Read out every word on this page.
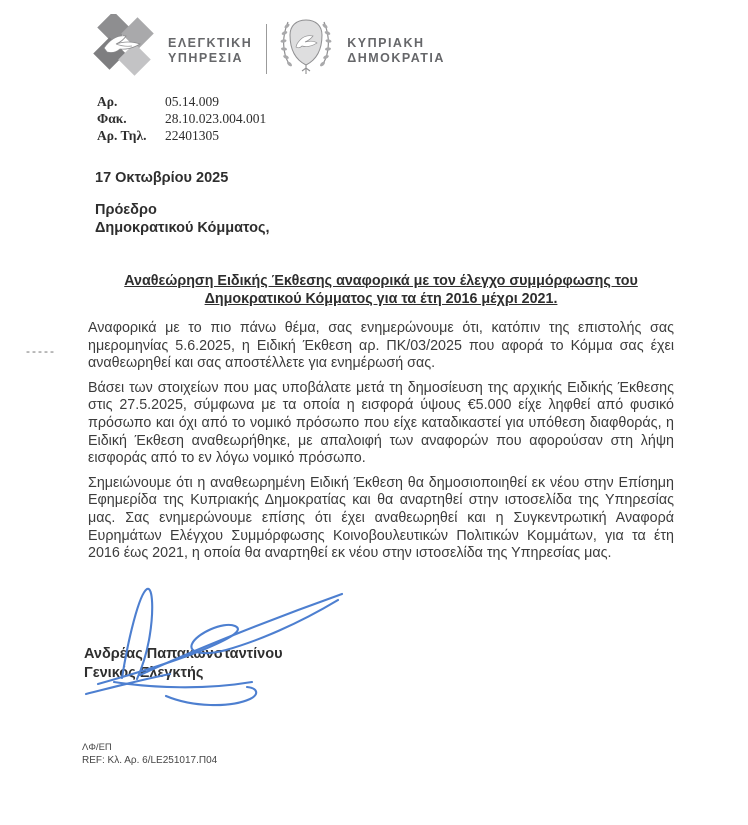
ΕΛΕΓΚΤΙΚΗ
ΥΠΗΡΕΣΙΑ
ΚΥΠΡΙΑΚΗ
ΔΗΜΟΚΡΑΤΙΑ
Αρ.	05.14.009
Φακ.	28.10.023.004.001
Αρ. Τηλ.	22401305
17 Οκτωβρίου 2025
Πρόεδρο
Δημοκρατικού Κόμματος,
Αναθεώρηση Ειδικής Έκθεσης αναφορικά με τον έλεγχο συμμόρφωσης του Δημοκρατικού Κόμματος για τα έτη 2016 μέχρι 2021.
-----

Αναφορικά με το πιο πάνω θέμα, σας ενημερώνουμε ότι, κατόπιν της επιστολής σας ημερομηνίας 5.6.2025, η Ειδική Έκθεση αρ. ΠΚ/03/2025 που αφορά το Κόμμα σας έχει αναθεωρηθεί και σας αποστέλλετε για ενημέρωσή σας.

Βάσει των στοιχείων που μας υποβάλατε μετά τη δημοσίευση της αρχικής Ειδικής Έκθεσης στις 27.5.2025, σύμφωνα με τα οποία η εισφορά ύψους €5.000 είχε ληφθεί από φυσικό πρόσωπο και όχι από το νομικό πρόσωπο που είχε καταδικαστεί για υπόθεση διαφθοράς, η Ειδική Έκθεση αναθεωρήθηκε, με απαλοιφή των αναφορών που αφορούσαν στη λήψη εισφοράς από το εν λόγω νομικό πρόσωπο.

Σημειώνουμε ότι η αναθεωρημένη Ειδική Έκθεση θα δημοσιοποιηθεί εκ νέου στην Επίσημη Εφημερίδα της Κυπριακής Δημοκρατίας και θα αναρτηθεί στην ιστοσελίδα της Υπηρεσίας μας. Σας ενημερώνουμε επίσης ότι έχει αναθεωρηθεί και η Συγκεντρωτική Αναφορά Ευρημάτων Ελέγχου Συμμόρφωσης Κοινοβουλευτικών Πολιτικών Κομμάτων, για τα έτη 2016 έως 2021, η οποία θα αναρτηθεί εκ νέου στην ιστοσελίδα της Υπηρεσίας μας.

Ανδρέας Παπακωνσταντίνου
Γενικός Ελεγκτής
ΛΦ/ΕΠ
REF: Κλ. Αρ. 6/LE251017.Π04
